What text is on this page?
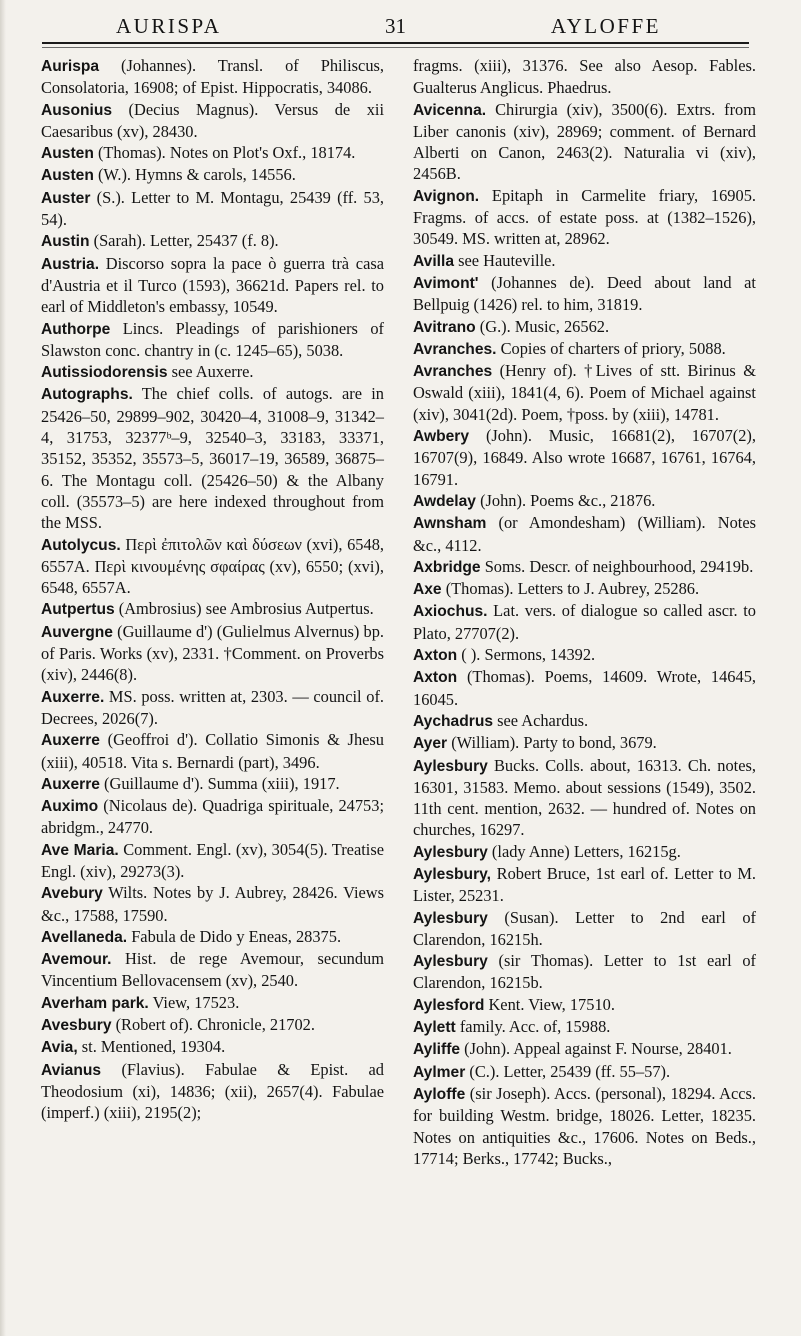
AURISPA	31	AYLOFFE

Aurispa (Johannes). Transl. of Philiscus, Consolatoria, 16908; of Epist. Hippocratis, 34086.

Ausonius (Decius Magnus). Versus de xii Caesaribus (xv), 28430.

Austen (Thomas). Notes on Plot's Oxf., 18174.

Austen (W.). Hymns & carols, 14556.

Auster (S.). Letter to M. Montagu, 25439 (ff. 53, 54).

Austin (Sarah). Letter, 25437 (f. 8).

Austria. Discorso sopra la pace ò guerra trà casa d'Austria et il Turco (1593), 36621d. Papers rel. to earl of Middleton's embassy, 10549.

Authorpe Lincs. Pleadings of parishioners of Slawston conc. chantry in (c. 1245–65), 5038.

Autissiodorensis see Auxerre.

Autographs. The chief colls. of autogs. are in 25426–50, 29899–902, 30420–4, 31008–9, 31342–4, 31753, 32377ᵇ–9, 32540–3, 33183, 33371, 35152, 35352, 35573–5, 36017–19, 36589, 36875–6. The Montagu coll. (25426–50) & the Albany coll. (35573–5) are here indexed throughout from the MSS.

Autolycus. Περὶ ἐπιτολῶν καὶ δύσεων (xvi), 6548, 6557A. Περὶ κινουμένης σφαίρας (xv), 6550; (xvi), 6548, 6557A.

Autpertus (Ambrosius) see Ambrosius Autpertus.

Auvergne (Guillaume d') (Gulielmus Alvernus) bp. of Paris. Works (xv), 2331. †Comment. on Proverbs (xiv), 2446(8).

Auxerre. MS. poss. written at, 2303. — council of. Decrees, 2026(7).

Auxerre (Geoffroi d'). Collatio Simonis & Jhesu (xiii), 40518. Vita s. Bernardi (part), 3496.

Auxerre (Guillaume d'). Summa (xiii), 1917.

Auximo (Nicolaus de). Quadriga spirituale, 24753; abridgm., 24770.

Ave Maria. Comment. Engl. (xv), 3054(5). Treatise Engl. (xiv), 29273(3).

Avebury Wilts. Notes by J. Aubrey, 28426. Views &c., 17588, 17590.

Avellaneda. Fabula de Dido y Eneas, 28375.

Avemour. Hist. de rege Avemour, secundum Vincentium Bellovacensem (xv), 2540.

Averham park. View, 17523.

Avesbury (Robert of). Chronicle, 21702.

Avia, st. Mentioned, 19304.

Avianus (Flavius). Fabulae & Epist. ad Theodosium (xi), 14836; (xii), 2657(4). Fabulae (imperf.) (xiii), 2195(2);

fragms. (xiii), 31376. See also Aesop. Fables. Gualterus Anglicus. Phaedrus.

Avicenna. Chirurgia (xiv), 3500(6). Extrs. from Liber canonis (xiv), 28969; comment. of Bernard Alberti on Canon, 2463(2). Naturalia vi (xiv), 2456B.

Avignon. Epitaph in Carmelite friary, 16905. Fragms. of accs. of estate poss. at (1382–1526), 30549. MS. written at, 28962.

Avilla see Hauteville.

Avimont' (Johannes de). Deed about land at Bellpuig (1426) rel. to him, 31819.

Avitrano (G.). Music, 26562.

Avranches. Copies of charters of priory, 5088.

Avranches (Henry of). †Lives of stt. Birinus & Oswald (xiii), 1841(4, 6). Poem of Michael against (xiv), 3041(2d). Poem, †poss. by (xiii), 14781.

Awbery (John). Music, 16681(2), 16707(2), 16707(9), 16849. Also wrote 16687, 16761, 16764, 16791.

Awdelay (John). Poems &c., 21876.

Awnsham (or Amondesham) (William). Notes &c., 4112.

Axbridge Soms. Descr. of neighbourhood, 29419b.

Axe (Thomas). Letters to J. Aubrey, 25286.

Axiochus. Lat. vers. of dialogue so called ascr. to Plato, 27707(2).

Axton ( ). Sermons, 14392.

Axton (Thomas). Poems, 14609. Wrote, 14645, 16045.

Aychadrus see Achardus.

Ayer (William). Party to bond, 3679.

Aylesbury Bucks. Colls. about, 16313. Ch. notes, 16301, 31583. Memo. about sessions (1549), 3502. 11th cent. mention, 2632. — hundred of. Notes on churches, 16297.

Aylesbury (lady Anne) Letters, 16215g.

Aylesbury, Robert Bruce, 1st earl of. Letter to M. Lister, 25231.

Aylesbury (Susan). Letter to 2nd earl of Clarendon, 16215h.

Aylesbury (sir Thomas). Letter to 1st earl of Clarendon, 16215b.

Aylesford Kent. View, 17510.

Aylett family. Acc. of, 15988.

Ayliffe (John). Appeal against F. Nourse, 28401.

Aylmer (C.). Letter, 25439 (ff. 55–57).

Ayloffe (sir Joseph). Accs. (personal), 18294. Accs. for building Westm. bridge, 18026. Letter, 18235. Notes on antiquities &c., 17606. Notes on Beds., 17714; Berks., 17742; Bucks.,
